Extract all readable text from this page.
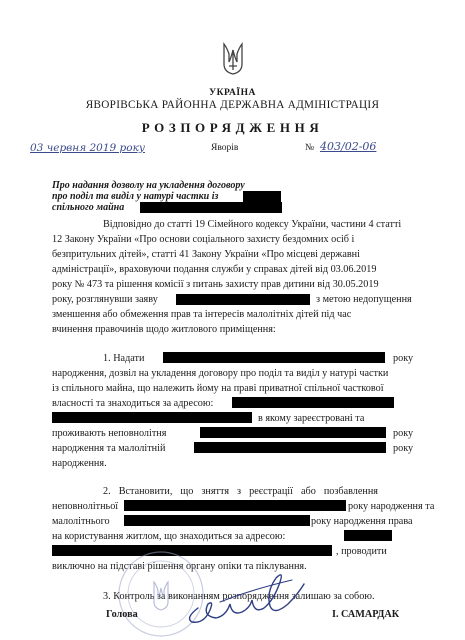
УКРАЇНА
ЯВОРІВСЬКА РАЙОННА ДЕРЖАВНА АДМІНІСТРАЦІЯ
РОЗПОРЯДЖЕННЯ
03 червня 2019 року	Яворів	№ 403/02-06
Про надання дозволу на укладення договору
про поділ та виділ у натурі частки із
спільного майна
Відповідно до статті 19 Сімейного кодексу України, частини 4 статті
12 Закону України «Про основи соціального захисту бездомних осіб і
безпритульних дітей», статті 41 Закону України «Про місцеві державні
адміністрації», враховуючи подання служби у справах дітей від 03.06.2019
року № 473 та рішення комісії з питань захисту прав дитини від 30.05.2019
року, розглянувши заяву	з метою недопущення
зменшення або обмеження прав та інтересів малолітніх дітей під час
вчинення правочинів щодо житлового приміщення:
1. Надати	року
народження, дозвіл на укладення договору про поділ та виділ у натурі частки
із спільного майна, що належить йому на праві приватної спільної часткової
власності та знаходиться за адресою:
в якому зареєстровані та
проживають неповнолітня	року
народження та малолітній	року
народження.
2. Встановити, що зняття з реєстрації або позбавлення
неповнолітньої	року народження та
малолітнього	року народження права
на користування житлом, що знаходиться за адресою:
, проводити
виключно на підставі рішення органу опіки та піклування.
3. Контроль за виконанням розпорядження залишаю за собою.
Голова	І. САМАРДАК
